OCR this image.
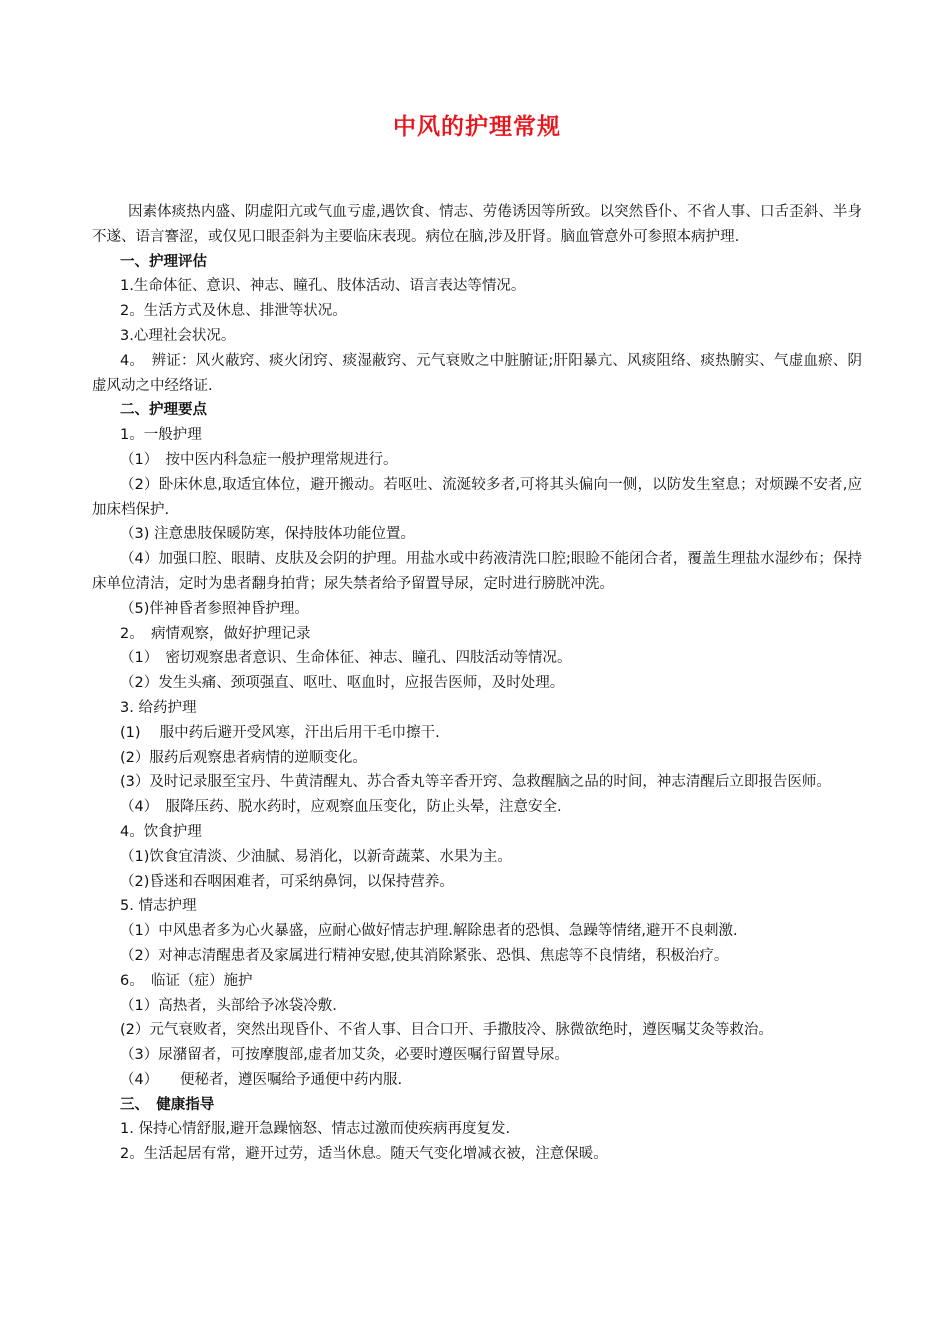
中风的护理常规

因素体痰热内盛、阴虚阳亢或气血亏虚,遇饮食、情志、劳倦诱因等所致。以突然昏仆、不省人事、口舌歪斜、半身不遂、语言謇涩，或仅见口眼歪斜为主要临床表现。病位在脑,涉及肝肾。脑血管意外可参照本病护理.

一、护理评估

1.生命体征、意识、神志、瞳孔、肢体活动、语言表达等情况。

2。生活方式及休息、排泄等状况。

3.心理社会状况。

4。　辨证：风火蔽窍、痰火闭窍、痰湿蔽窍、元气衰败之中脏腑证;肝阳暴亢、风痰阻络、痰热腑实、气虚血瘀、阴虚风动之中经络证.

二、护理要点

1。一般护理

（1）　按中医内科急症一般护理常规进行。

（2）卧床休息,取适宜体位，避开搬动。若呕吐、流涎较多者,可将其头偏向一侧，以防发生窒息；对烦躁不安者,应加床档保护.

（3) 注意患肢保暖防寒，保持肢体功能位置。

（4）加强口腔、眼睛、皮肤及会阴的护理。用盐水或中药液清洗口腔;眼睑不能闭合者，覆盖生理盐水湿纱布；保持床单位清洁，定时为患者翻身拍背；尿失禁者给予留置导尿，定时进行膀胱冲洗。

（5)伴神昏者参照神昏护理。

2。　病情观察，做好护理记录

（1）　密切观察患者意识、生命体征、神志、瞳孔、四肢活动等情况。

（2）发生头痛、颈项强直、呕吐、呕血时，应报告医师，及时处理。

3. 给药护理

(1)　 服中药后避开受风寒，汗出后用干毛巾擦干.

(2）服药后观察患者病情的逆顺变化。

(3）及时记录服至宝丹、牛黄清醒丸、苏合香丸等辛香开窍、急救醒脑之品的时间，神志清醒后立即报告医师。

（4）　服降压药、脱水药时，应观察血压变化，防止头晕，注意安全.

4。饮食护理

（1)饮食宜清淡、少油腻、易消化，以新奇蔬菜、水果为主。

（2)昏迷和吞咽困难者，可采纳鼻饲，以保持营养。

5. 情志护理

（1）中风患者多为心火暴盛，应耐心做好情志护理.解除患者的恐惧、急躁等情绪,避开不良刺激.

（2）对神志清醒患者及家属进行精神安慰,使其消除紧张、恐惧、焦虑等不良情绪，积极治疗。

6。　临证（症）施护

（1）高热者，头部给予冰袋冷敷.

(2）元气衰败者，突然出现昏仆、不省人事、目合口开、手撒肢冷、脉微欲绝时，遵医嘱艾灸等救治。

（3）尿潴留者，可按摩腹部,虚者加艾灸，必要时遵医嘱行留置导尿。

（4）　　便秘者，遵医嘱给予通便中药内服.

三、　健康指导

1. 保持心情舒服,避开急躁恼怒、情志过激而使疾病再度复发.

2。生活起居有常，避开过劳，适当休息。随天气变化增减衣被，注意保暖。
